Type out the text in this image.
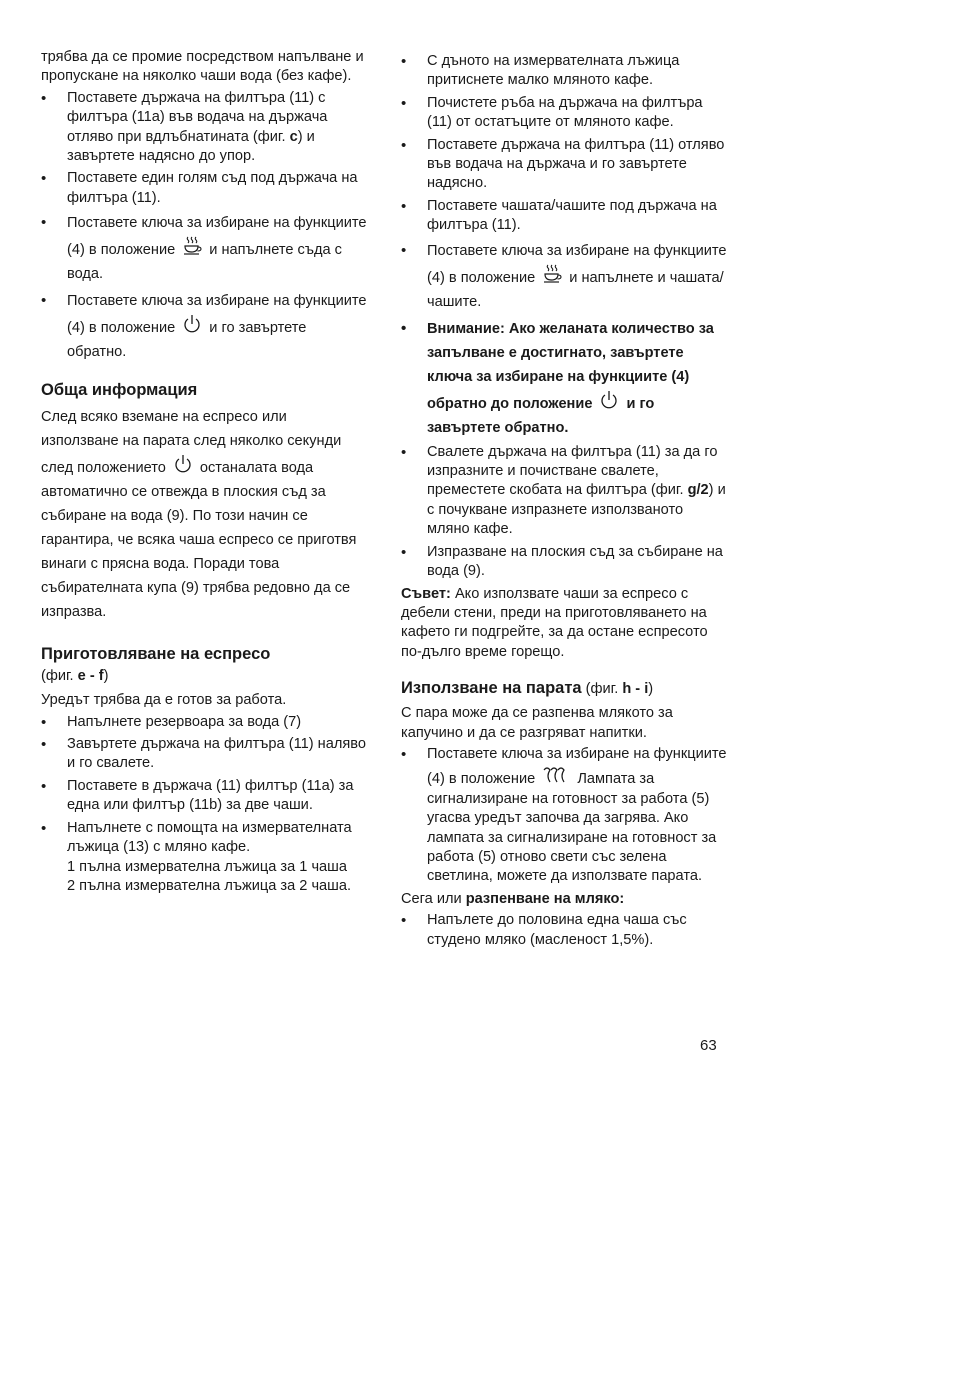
трябва да се промие посредством напълване и пропускане на няколко чаши вода (без кафе).

• Поставете държача на филтъра (11) с филтъра (11a) във водача на държача отляво при вдлъбнатината (фиг. c) и завъртете надясно до упор.
• Поставете един голям съд под държача на филтъра (11).
• Поставете ключа за избиране на функциите (4) в положение и напълнете съда с вода.
• Поставете ключа за избиране на функциите (4) в положение и го завъртете обратно.
Обща информация

След всяко вземане на еспресо или използване на парата след няколко секунди след положението останалата вода автоматично се отвежда в плоския съд за събиране на вода (9). По този начин се гарантира, че всяка чаша еспресо се приготвя винаги с прясна вода. Поради това събирателната купа (9) трябва редовно да се изпразва.

Приготовляване на еспресо
(фиг. e - f)

Уредът трябва да е готов за работа.

• Напълнете резервоара за вода (7)
• Завъртете държача на филтъра (11) наляво и го свалете.
• Поставете в държача (11) филтър (11a) за една или филтър (11b) за две чаши.
• Напълнете с помощта на измервателната лъжица (13) с мляно кафе.
1 пълна измервателна лъжица за 1 чаша
2 пълна измервателна лъжица за 2 чаша.
• С дъното на измервателната лъжица притиснете малко мляното кафе.
• Почистете ръба на държача на филтъра (11) от остатъците от мляното кафе.
• Поставете държача на филтъра (11) отляво във водача на държача и го завъртете надясно.
• Поставете чашата/чашите под държача на филтъра (11).
• Поставете ключа за избиране на функциите (4) в положение и напълнете и чашата/чашите.
• Внимание: Ако желаната количество за запълване е достигнато, завъртете ключа за избиране на функциите (4) обратно до положение и го завъртете обратно.
• Свалете държача на филтъра (11) за да го изпразните и почистване свалете, преместете скобата на филтъра (фиг. g/2) и с почукване изпразнете използваното мляно кафе.
• Изпразване на плоския съд за събиране на вода (9).

Съвет: Ако използвате чаши за еспресо с дебели стени, преди на приготовляването на кафето ги подгрейте, за да остане еспресото по-дълго време горещо.

Използване на парата (фиг. h - i)

С пара може да се разпенва млякото за капучино и да се разгряват напитки.

• Поставете ключа за избиране на функциите (4) в положение	Лампата за сигнализиране на готовност за работа (5) угасва уредът започва да загрява. Ако лампата за сигнализиране на готовност за работа (5) отново свети със зелена светлина, можете да използвате парата.

Сега или разпенване на мляко:

• Напълете до половина една чаша със студено мляко (масленост 1,5%).
63
